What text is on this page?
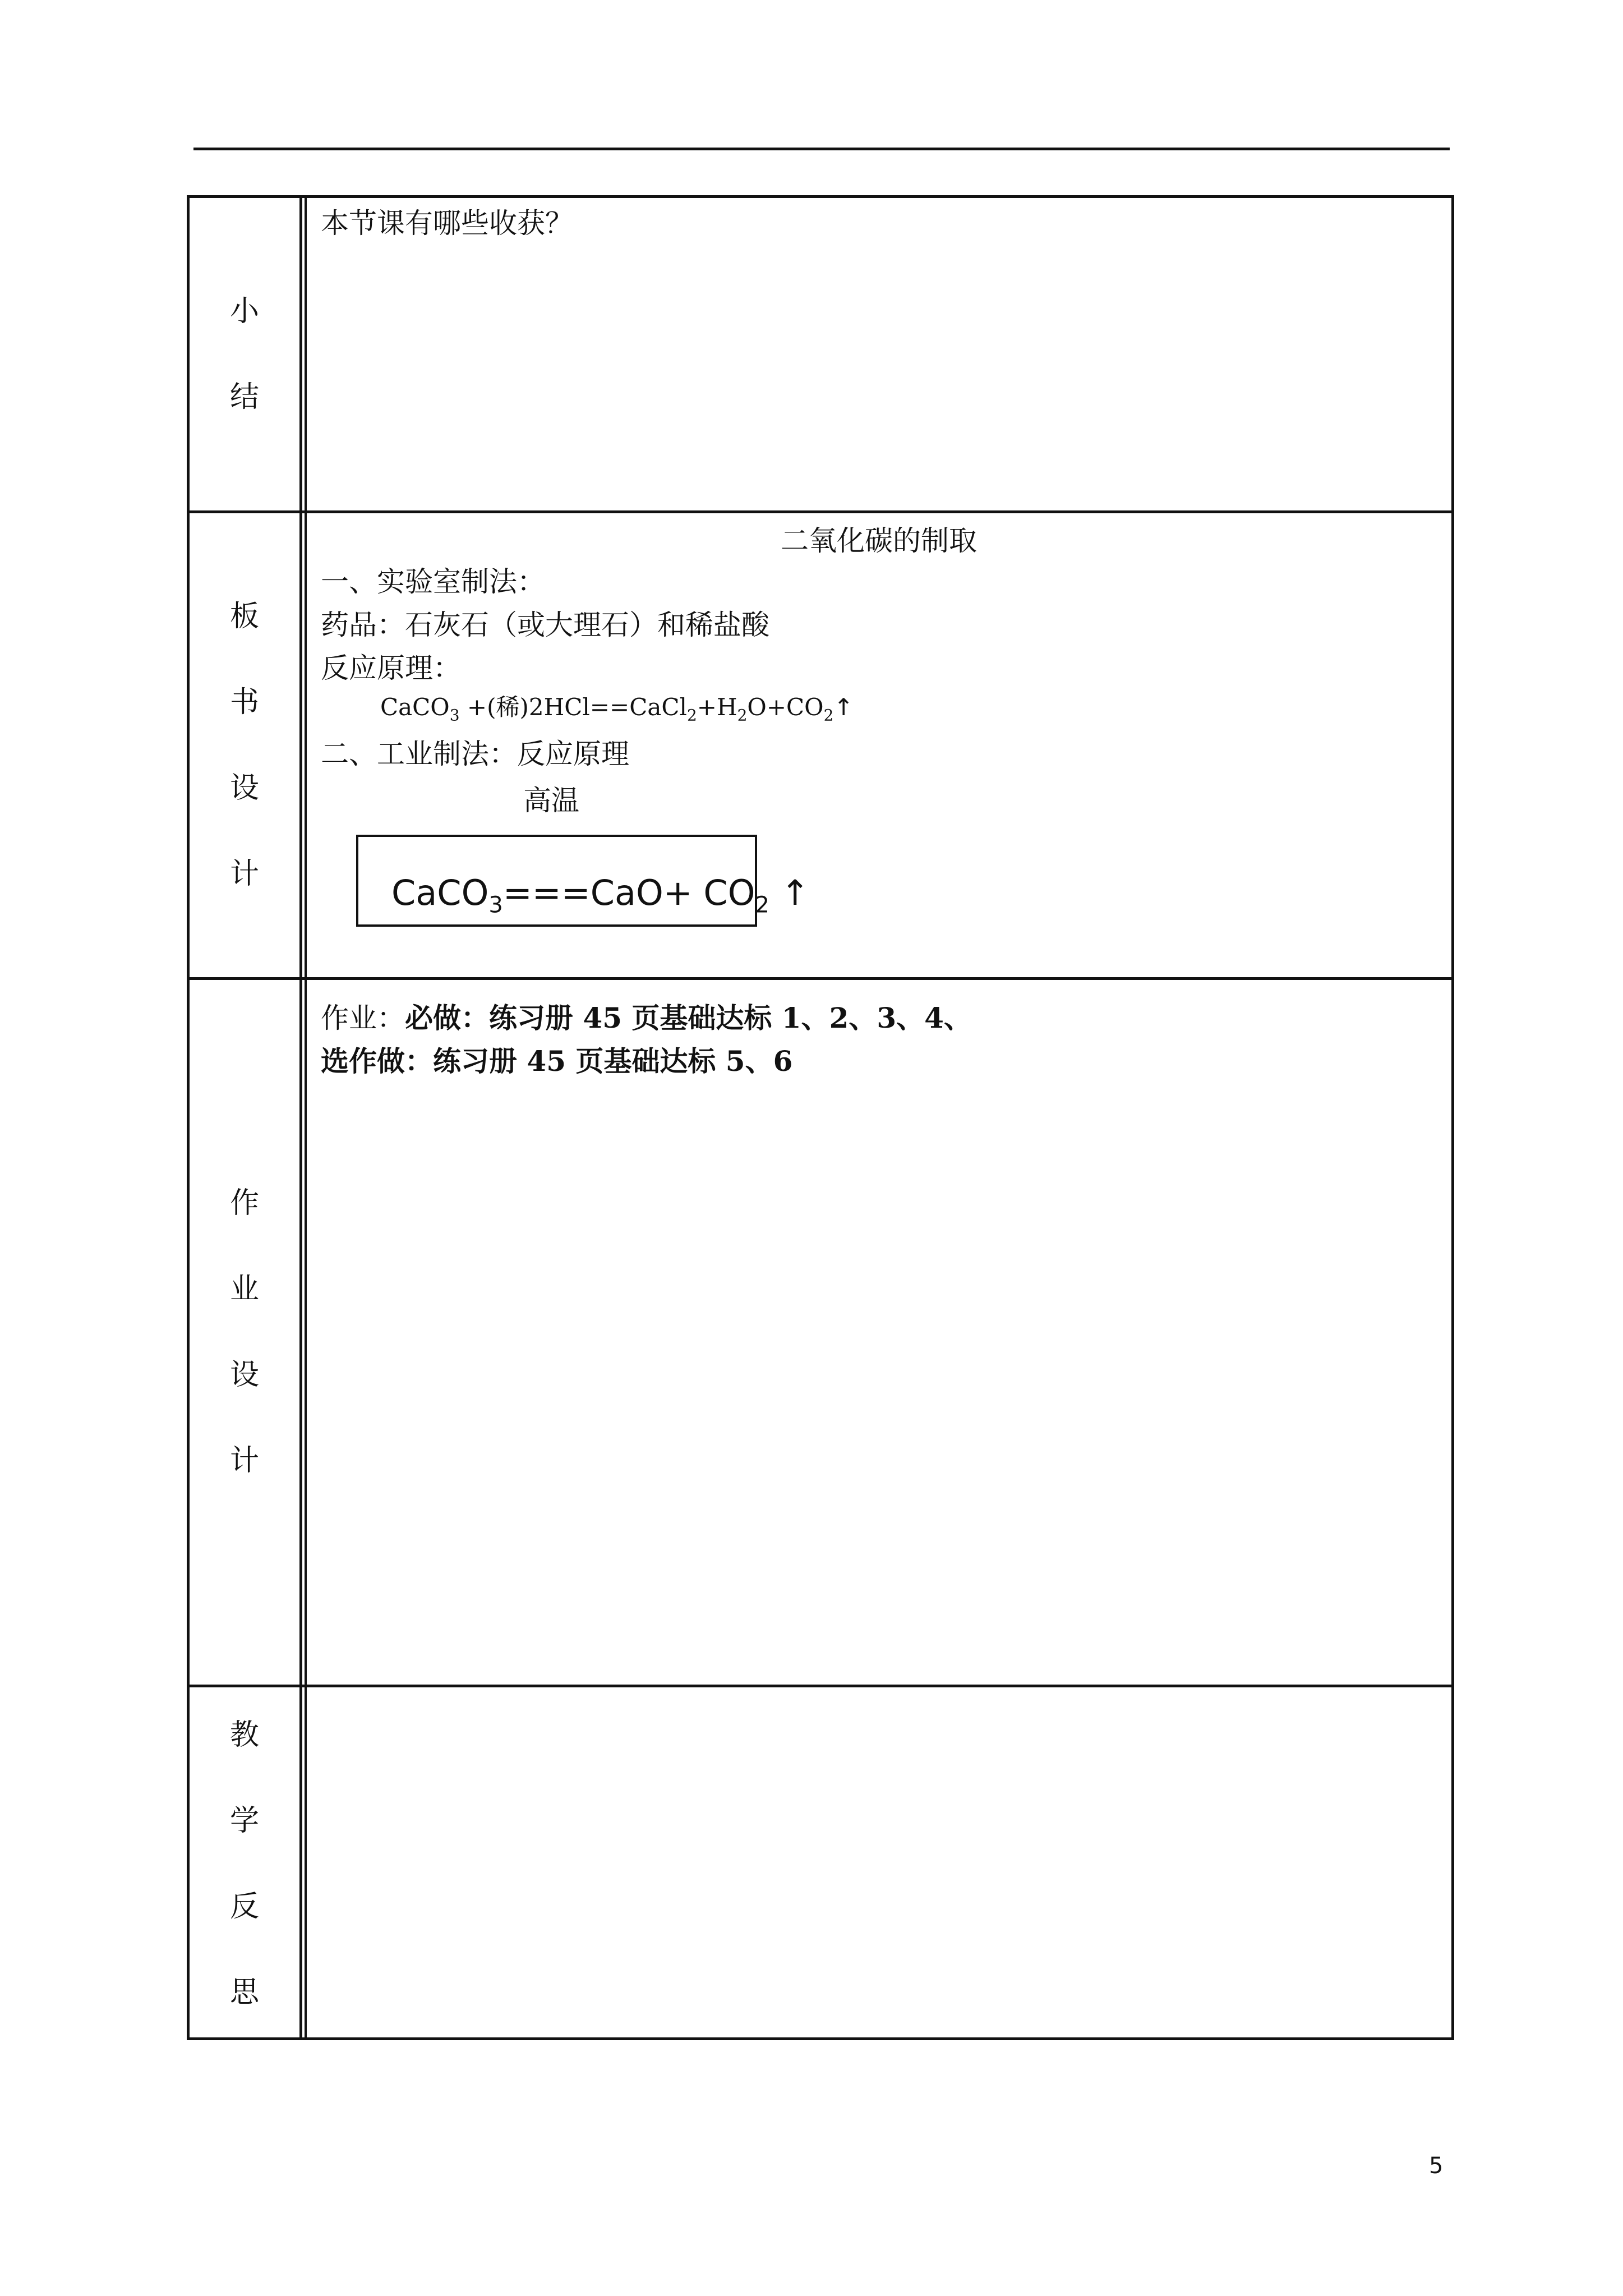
小
结
本节课有哪些收获？
板
书
设
计
二氧化碳的制取
一、实验室制法：
药品：石灰石（或大理石）和稀盐酸
反应原理：
CaCO$_3$ +(稀)$2HCl==CaCl_2+H_2O+CO_2↑$
二、工业制法：反应原理
高温
CaCO$_3$===CaO+ $CO_2$ ↑
作
业
设
计
作业：必做：练习册 45 页基础达标 1、2、3、4、
选作做：练习册 45 页基础达标 5、6
教
学
反
思
5
